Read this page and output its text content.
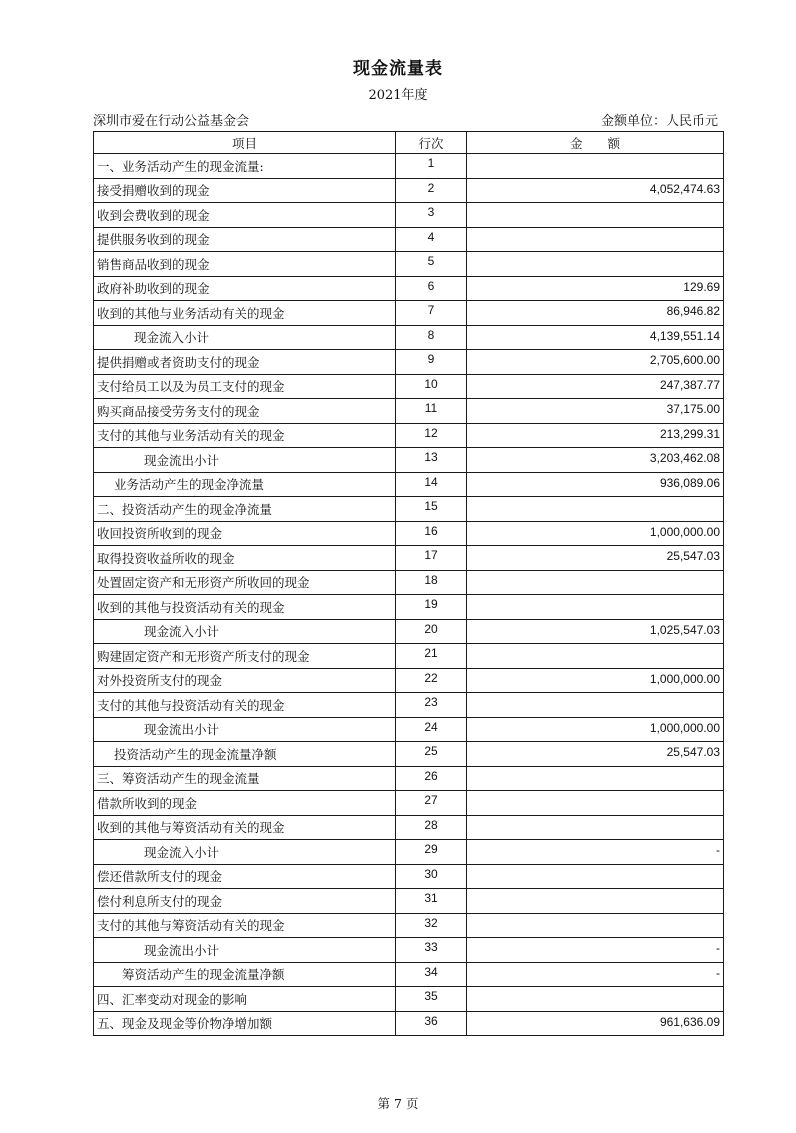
现金流量表
2021年度
深圳市爱在行动公益基金会	金额单位：人民币元
项目	行次	金　　额
一、业务活动产生的现金流量:	1	
接受捐赠收到的现金	2	4,052,474.63
收到会费收到的现金	3	
提供服务收到的现金	4	
销售商品收到的现金	5	
政府补助收到的现金	6	129.69
收到的其他与业务活动有关的现金	7	86,946.82
现金流入小计	8	4,139,551.14
提供捐赠或者资助支付的现金	9	2,705,600.00
支付给员工以及为员工支付的现金	10	247,387.77
购买商品接受劳务支付的现金	11	37,175.00
支付的其他与业务活动有关的现金	12	213,299.31
现金流出小计	13	3,203,462.08
业务活动产生的现金净流量	14	936,089.06
二、投资活动产生的现金净流量	15	
收回投资所收到的现金	16	1,000,000.00
取得投资收益所收的现金	17	25,547.03
处置固定资产和无形资产所收回的现金	18	
收到的其他与投资活动有关的现金	19	
现金流入小计	20	1,025,547.03
购建固定资产和无形资产所支付的现金	21	
对外投资所支付的现金	22	1,000,000.00
支付的其他与投资活动有关的现金	23	
现金流出小计	24	1,000,000.00
投资活动产生的现金流量净额	25	25,547.03
三、筹资活动产生的现金流量	26	
借款所收到的现金	27	
收到的其他与筹资活动有关的现金	28	
现金流入小计	29	-
偿还借款所支付的现金	30	
偿付利息所支付的现金	31	
支付的其他与筹资活动有关的现金	32	
现金流出小计	33	-
筹资活动产生的现金流量净额	34	-
四、汇率变动对现金的影响	35	
五、现金及现金等价物净增加额	36	961,636.09
第 7 页
